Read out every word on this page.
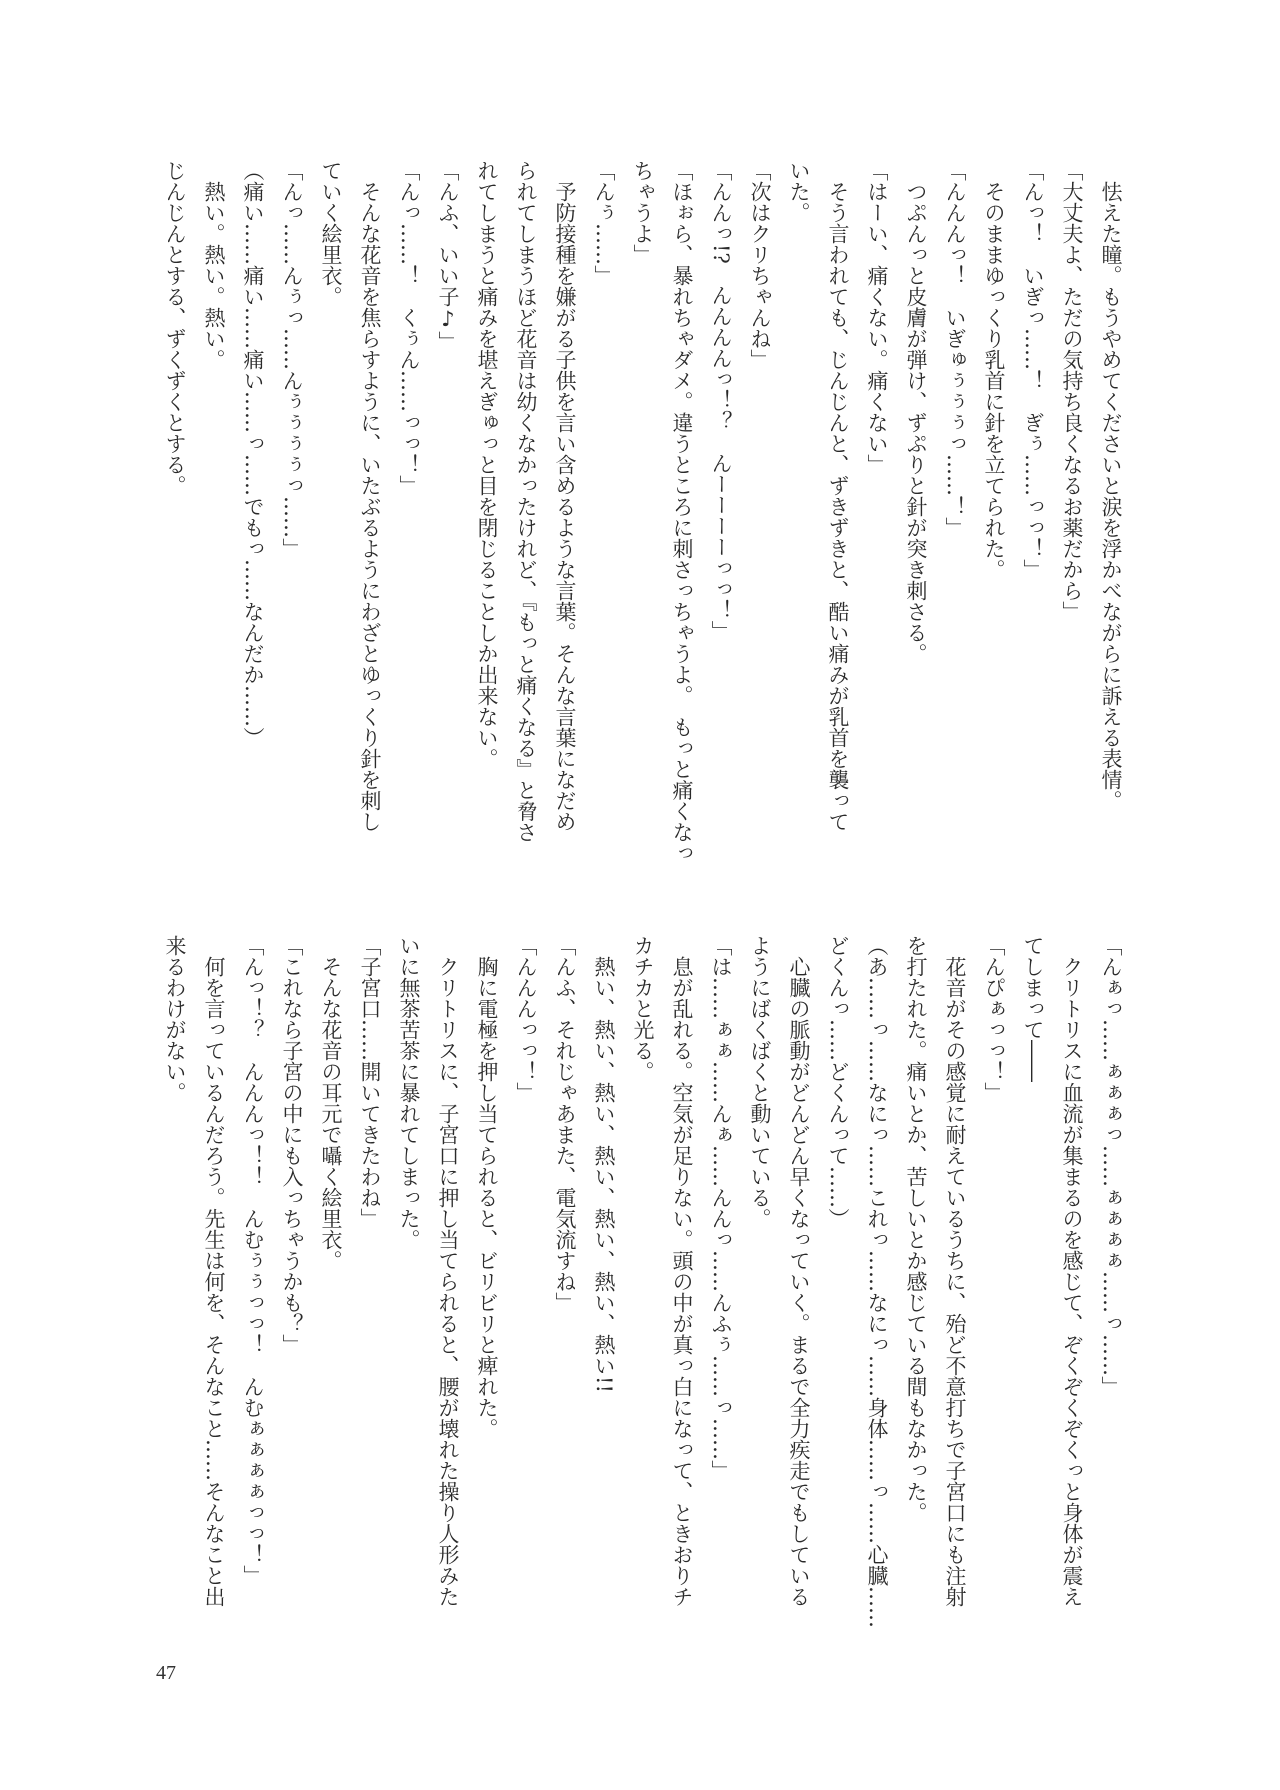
　怯えた瞳。もうやめてくださいと涙を浮かべながらに訴える表情。
「大丈夫よ、ただの気持ち良くなるお薬だから」
「んっ！　いぎっ……！　ぎぅ……っっ！」
　そのままゆっくり乳首に針を立てられた。
「んんんっ！　いぎゅぅぅぅっ……！」
　つぷんっと皮膚が弾け、ずぷりと針が突き刺さる。
「はーい、痛くない。痛くない」
　そう言われても、じんじんと、ずきずきと、酷い痛みが乳首を襲って
いた。
「次はクリちゃんね」
「んんっ!?　んんんんっ！？　んーーーーっっ！」
「ほぉら、暴れちゃダメ。違うところに刺さっちゃうよ。　もっと痛くなっ
ちゃうよ」
「んぅ……」
　予防接種を嫌がる子供を言い含めるような言葉。そんな言葉になだめ
られてしまうほど花音は幼くなかったけれど、『もっと痛くなる』と脅さ
れてしまうと痛みを堪えぎゅっと目を閉じることしか出来ない。
「んふ、いい子♪」
「んっ……！　くぅん……っっ！」
　そんな花音を焦らすように、いたぶるようにわざとゆっくり針を刺し
ていく絵里衣。
「んっ……んぅっ……んぅぅぅぅっ……」
（痛い……痛い……痛い……っ……でもっ……なんだか……）
　熱い。熱い。熱い。
じんじんとする、ずくずくとする。
「んぁっ……ぁぁぁっ……ぁぁぁぁ……っ……」
　クリトリスに血流が集まるのを感じて、ぞくぞくぞくっと身体が震え
てしまって――
「んぴぁっっ！」
　花音がその感覚に耐えているうちに、殆ど不意打ちで子宮口にも注射
を打たれた。痛いとか、苦しいとか感じている間もなかった。
（あ……っ……なにっ……これっ……なにっ……身体……っ……心臓……
どくんっ……どくんって……）
　心臓の脈動がどんどん早くなっていく。まるで全力疾走でもしている
ようにばくばくと動いている。
「は……ぁぁ……んぁ……んんっ……んふぅ……っ……」
　息が乱れる。空気が足りない。頭の中が真っ白になって、ときおりチ
カチカと光る。
　熱い、熱い、熱い、熱い、熱い、熱い、熱い!!
「んふ、それじゃあまた、電気流すね」
「んんんっっ！」
　胸に電極を押し当てられると、ビリビリと痺れた。
　クリトリスに、子宮口に押し当てられると、腰が壊れた操り人形みた
いに無茶苦茶に暴れてしまった。
「子宮口……開いてきたわね」
　そんな花音の耳元で囁く絵里衣。
「これなら子宮の中にも入っちゃうかも？」
「んっ！？　んんんっ！！　んむぅぅっっ！　んむぁぁぁぁっっ！」
　何を言っているんだろう。先生は何を、そんなこと……そんなこと出
来るわけがない。
47
